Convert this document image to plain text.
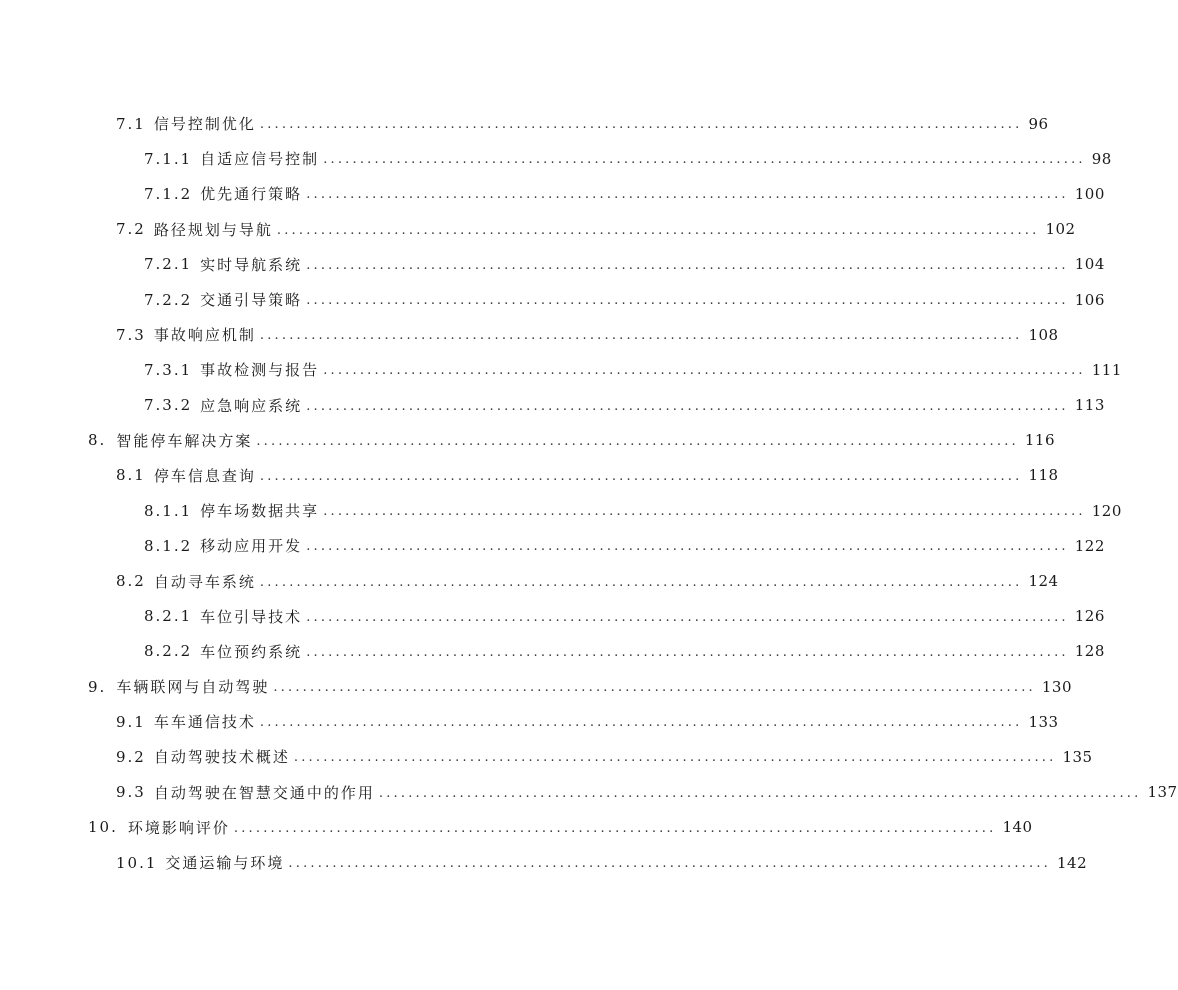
7.1 信号控制优化 ........................................................................................................ 96
7.1.1 自适应信号控制 ........................................................................................................ 98
7.1.2 优先通行策略 ........................................................................................................ 100
7.2 路径规划与导航 ........................................................................................................ 102
7.2.1 实时导航系统 ........................................................................................................ 104
7.2.2 交通引导策略 ........................................................................................................ 106
7.3 事故响应机制 ........................................................................................................ 108
7.3.1 事故检测与报告 ........................................................................................................ 111
7.3.2 应急响应系统 ........................................................................................................ 113
8. 智能停车解决方案 ........................................................................................................ 116
8.1 停车信息查询 ........................................................................................................ 118
8.1.1 停车场数据共享 ........................................................................................................ 120
8.1.2 移动应用开发 ........................................................................................................ 122
8.2 自动寻车系统 ........................................................................................................ 124
8.2.1 车位引导技术 ........................................................................................................ 126
8.2.2 车位预约系统 ........................................................................................................ 128
9. 车辆联网与自动驾驶 ........................................................................................................ 130
9.1 车车通信技术 ........................................................................................................ 133
9.2 自动驾驶技术概述 ........................................................................................................ 135
9.3 自动驾驶在智慧交通中的作用 ........................................................................................................ 137
10. 环境影响评价 ........................................................................................................ 140
10.1 交通运输与环境 ........................................................................................................ 142
